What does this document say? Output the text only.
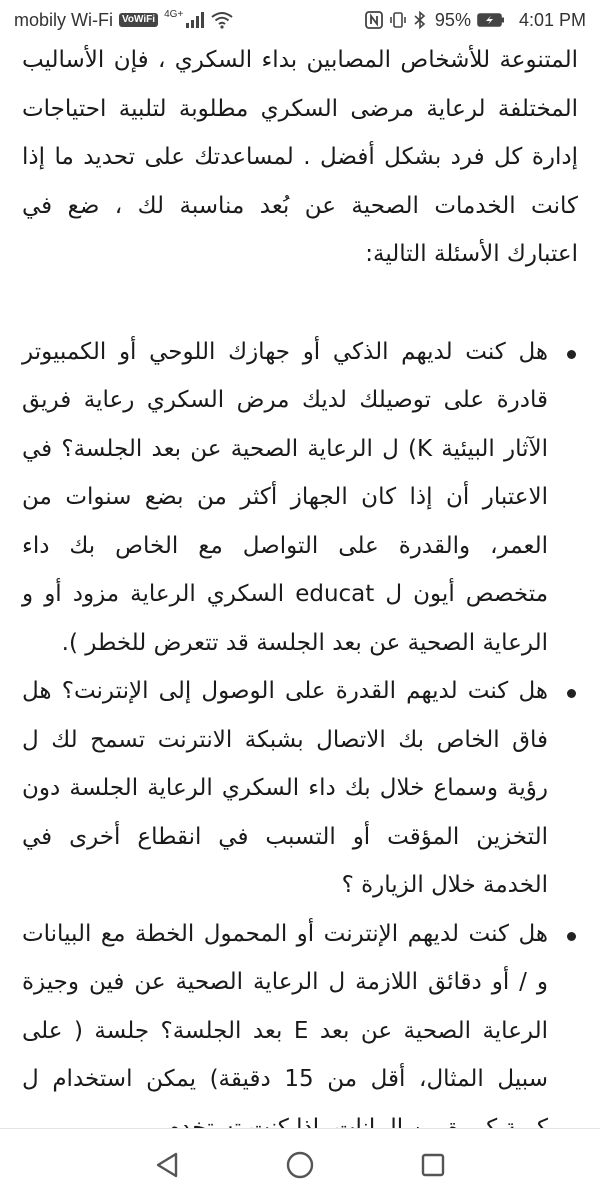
mobily Wi-Fi VoWiFi 4G+	95%	4:01 PM
المتنوعة للأشخاص المصابين بداء السكري ، فإن الأساليب المختلفة لرعاية مرضى السكري مطلوبة لتلبية احتياجات إدارة كل فرد بشكل أفضل . لمساعدتك على تحديد ما إذا كانت الخدمات الصحية عن بُعد مناسبة لك ، ضع في اعتبارك الأسئلة التالية:
هل كنت لديهم الذكي أو جهازك اللوحي أو الكمبيوتر قادرة على توصيلك لديك مرض السكري رعاية فريق الآثار البيئية K) ل الرعاية الصحية عن بعد الجلسة؟ في الاعتبار أن إذا كان الجهاز أكثر من بضع سنوات من العمر، والقدرة على التواصل مع الخاص بك داء متخصص أيون ل educat السكري الرعاية مزود أو و الرعاية الصحية عن بعد الجلسة قد تتعرض للخطر ).
هل كنت لديهم القدرة على الوصول إلى الإنترنت؟ هل فاق الخاص بك الاتصال بشبكة الانترنت تسمح لك ل رؤية وسماع خلال بك داء السكري الرعاية الجلسة دون التخزين المؤقت أو التسبب في انقطاع أخرى في الخدمة خلال الزيارة ؟
هل كنت لديهم الإنترنت أو المحمول الخطة مع البيانات و / أو دقائق اللازمة ل الرعاية الصحية عن فين وجيزة الرعاية الصحية عن بعد E بعد الجلسة؟ جلسة ( على سبيل المثال، أقل من 15 دقيقة) يمكن استخدام ل
